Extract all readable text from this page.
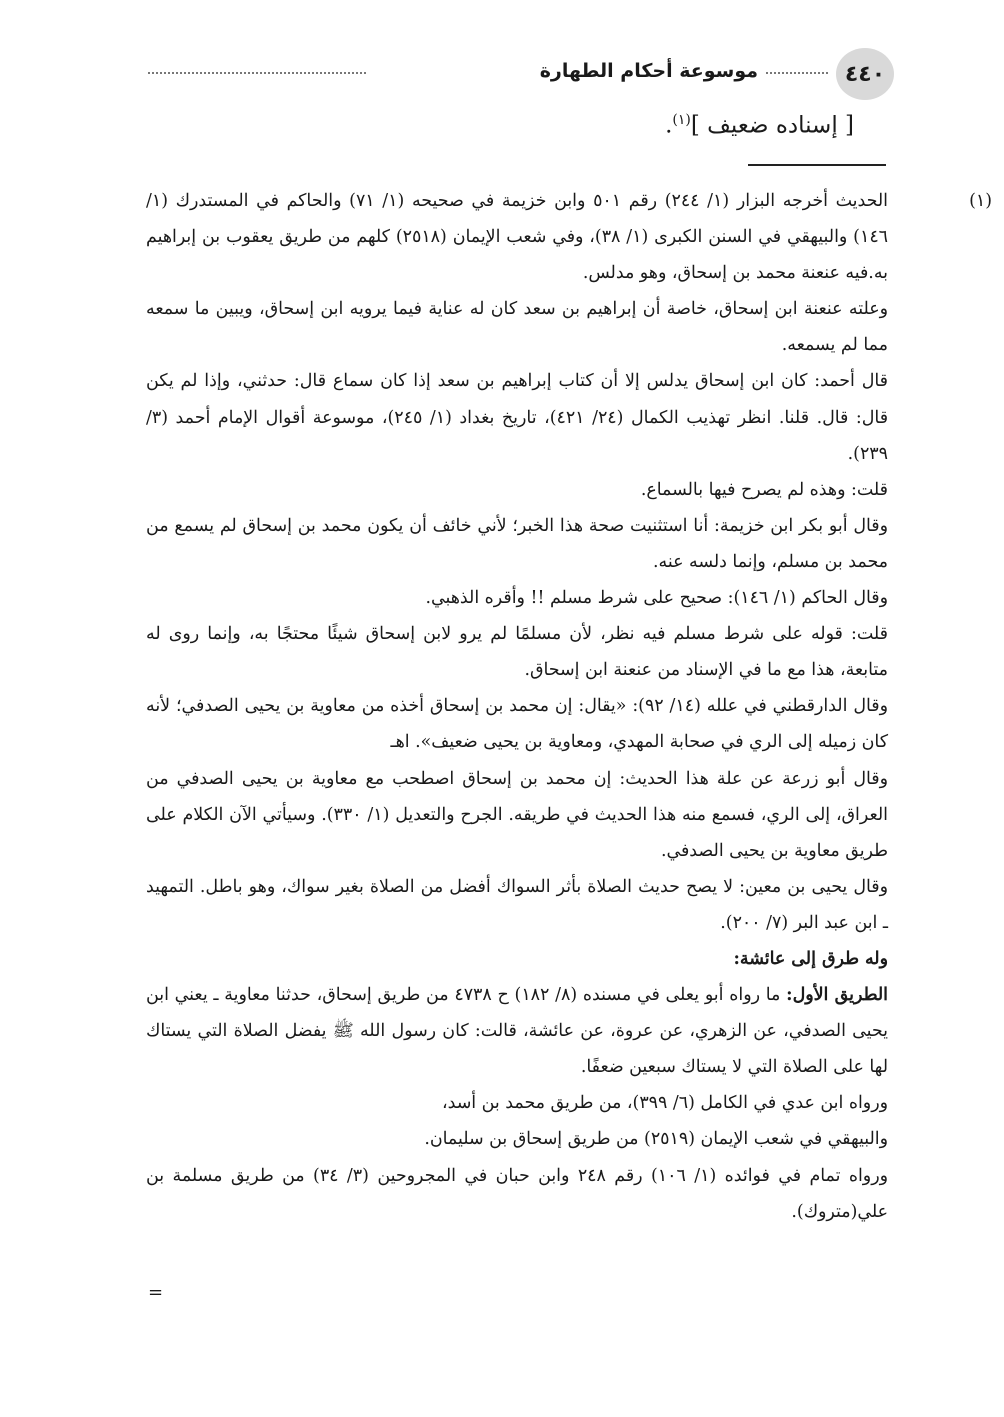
٤٤٠
موسوعة أحكام الطهارة
[ إسناده ضعيف ]$^{(١)}$.

(١)الحديث أخرجه البزار (١/ ٢٤٤) رقم ٥٠١ وابن خزيمة في صحيحه (١/ ٧١) والحاكم في المستدرك (١/ ١٤٦) والبيهقي في السنن الكبرى (١/ ٣٨)، وفي شعب الإيمان (٢٥١٨) كلهم من طريق يعقوب بن إبراهيم به.فيه عنعنة محمد بن إسحاق، وهو مدلس.

وعلته عنعنة ابن إسحاق، خاصة أن إبراهيم بن سعد كان له عناية فيما يرويه ابن إسحاق، ويبين ما سمعه مما لم يسمعه.

قال أحمد: كان ابن إسحاق يدلس إلا أن كتاب إبراهيم بن سعد إذا كان سماع قال: حدثني، وإذا لم يكن قال: قال. قلنا. انظر تهذيب الكمال (٢٤/ ٤٢١)، تاريخ بغداد (١/ ٢٤٥)، موسوعة أقوال الإمام أحمد (٣/ ٢٣٩).

قلت: وهذه لم يصرح فيها بالسماع.

وقال أبو بكر ابن خزيمة: أنا استثنيت صحة هذا الخبر؛ لأني خائف أن يكون محمد بن إسحاق لم يسمع من محمد بن مسلم، وإنما دلسه عنه.

وقال الحاكم (١/ ١٤٦): صحيح على شرط مسلم !! وأقره الذهبي.

قلت: قوله على شرط مسلم فيه نظر، لأن مسلمًا لم يرو لابن إسحاق شيئًا محتجًا به، وإنما روى له متابعة، هذا مع ما في الإسناد من عنعنة ابن إسحاق.

وقال الدارقطني في علله (١٤/ ٩٢): «يقال: إن محمد بن إسحاق أخذه من معاوية بن يحيى الصدفي؛ لأنه كان زميله إلى الري في صحابة المهدي، ومعاوية بن يحيى ضعيف». اهـ

وقال أبو زرعة عن علة هذا الحديث: إن محمد بن إسحاق اصطحب مع معاوية بن يحيى الصدفي من العراق، إلى الري، فسمع منه هذا الحديث في طريقه. الجرح والتعديل (١/ ٣٣٠). وسيأتي الآن الكلام على طريق معاوية بن يحيى الصدفي.

وقال يحيى بن معين: لا يصح حديث الصلاة بأثر السواك أفضل من الصلاة بغير سواك، وهو باطل. التمهيد ـ ابن عبد البر (٧/ ٢٠٠).

وله طرق إلى عائشة:

الطريق الأول: ما رواه أبو يعلى في مسنده (٨/ ١٨٢) ح ٤٧٣٨ من طريق إسحاق، حدثنا معاوية ـ يعني ابن يحيى الصدفي، عن الزهري، عن عروة، عن عائشة، قالت: كان رسول الله ﷺ يفضل الصلاة التي يستاك لها على الصلاة التي لا يستاك سبعين ضعفًا.

ورواه ابن عدي في الكامل (٦/ ٣٩٩)، من طريق محمد بن أسد،

والبيهقي في شعب الإيمان (٢٥١٩) من طريق إسحاق بن سليمان.

ورواه تمام في فوائده (١/ ١٠٦) رقم ٢٤٨ وابن حبان في المجروحين (٣/ ٣٤) من طريق مسلمة بن علي(متروك).

=
